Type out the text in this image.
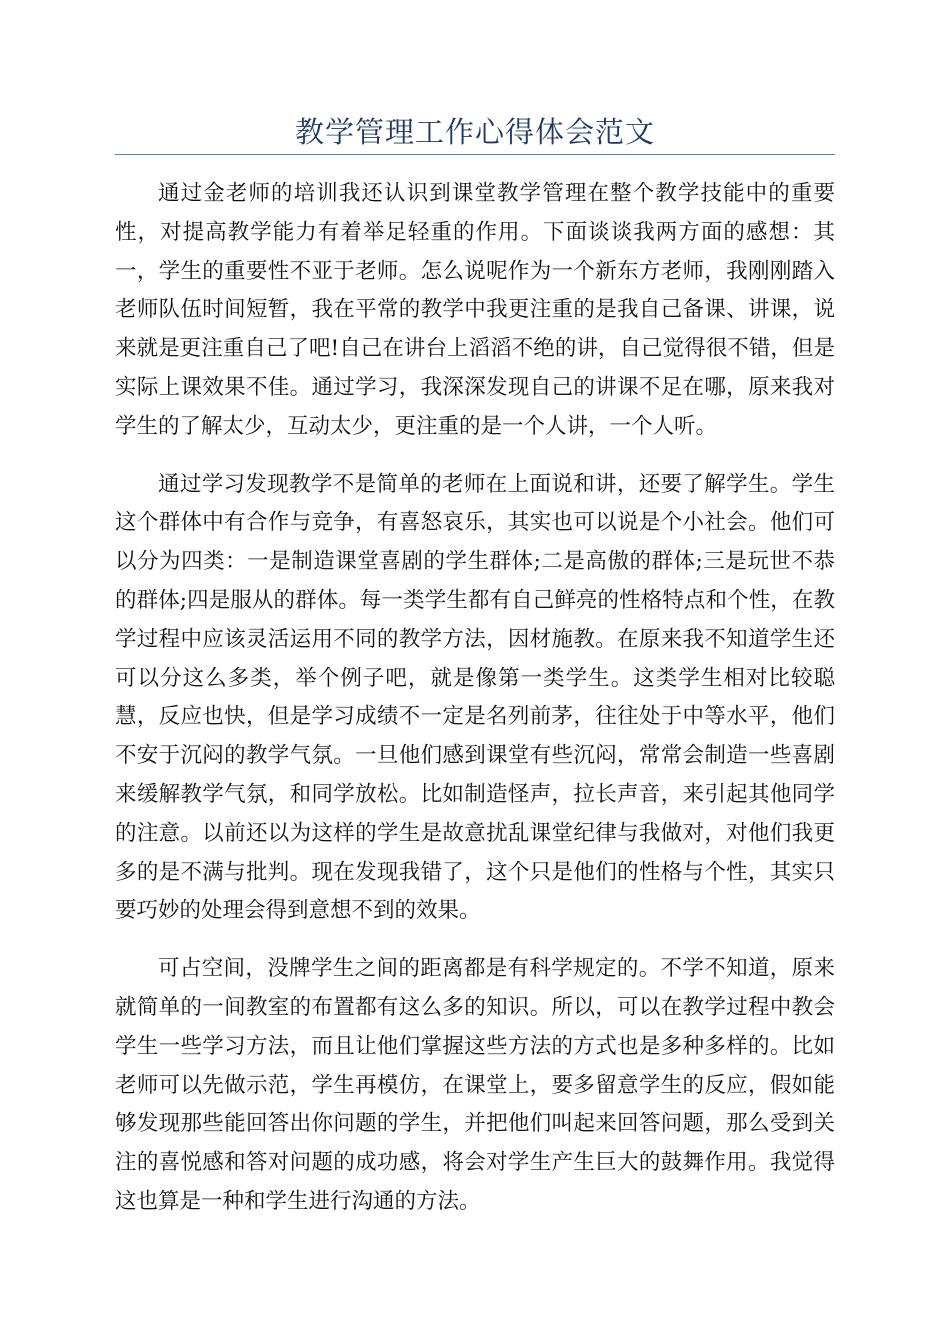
教学管理工作心得体会范文

通过金老师的培训我还认识到课堂教学管理在整个教学技能中的重要性，对提高教学能力有着举足轻重的作用。下面谈谈我两方面的感想：其一，学生的重要性不亚于老师。怎么说呢作为一个新东方老师，我刚刚踏入老师队伍时间短暂，我在平常的教学中我更注重的是我自己备课、讲课，说来就是更注重自己了吧!自己在讲台上滔滔不绝的讲，自己觉得很不错，但是实际上课效果不佳。通过学习，我深深发现自己的讲课不足在哪，原来我对学生的了解太少，互动太少，更注重的是一个人讲，一个人听。

通过学习发现教学不是简单的老师在上面说和讲，还要了解学生。学生这个群体中有合作与竞争，有喜怒哀乐，其实也可以说是个小社会。他们可以分为四类：一是制造课堂喜剧的学生群体;二是高傲的群体;三是玩世不恭的群体;四是服从的群体。每一类学生都有自己鲜亮的性格特点和个性，在教学过程中应该灵活运用不同的教学方法，因材施教。在原来我不知道学生还可以分这么多类，举个例子吧，就是像第一类学生。这类学生相对比较聪慧，反应也快，但是学习成绩不一定是名列前茅，往往处于中等水平，他们不安于沉闷的教学气氛。一旦他们感到课堂有些沉闷，常常会制造一些喜剧来缓解教学气氛，和同学放松。比如制造怪声，拉长声音，来引起其他同学的注意。以前还以为这样的学生是故意扰乱课堂纪律与我做对，对他们我更多的是不满与批判。现在发现我错了，这个只是他们的性格与个性，其实只要巧妙的处理会得到意想不到的效果。

可占空间，没牌学生之间的距离都是有科学规定的。不学不知道，原来就简单的一间教室的布置都有这么多的知识。所以，可以在教学过程中教会学生一些学习方法，而且让他们掌握这些方法的方式也是多种多样的。比如老师可以先做示范，学生再模仿，在课堂上，要多留意学生的反应，假如能够发现那些能回答出你问题的学生，并把他们叫起来回答问题，那么受到关注的喜悦感和答对问题的成功感，将会对学生产生巨大的鼓舞作用。我觉得这也算是一种和学生进行沟通的方法。
